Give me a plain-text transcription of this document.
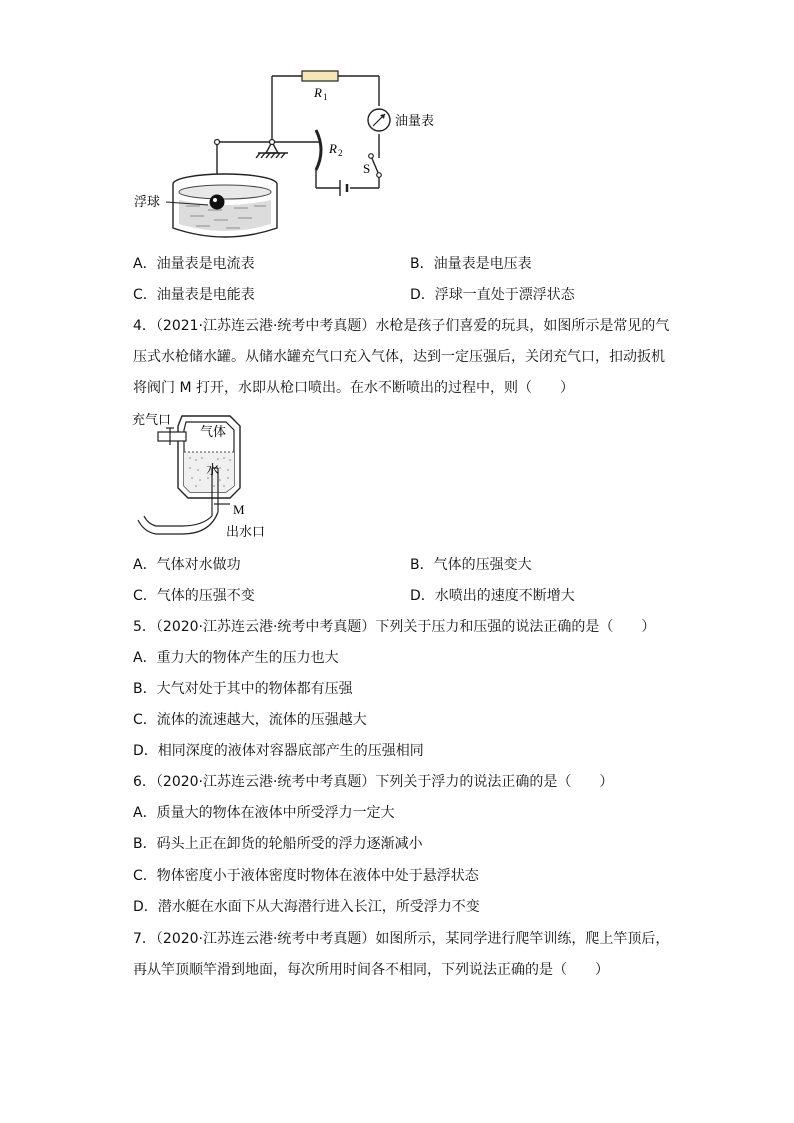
R 1
R 2
油量表
S
浮球
A．油量表是电流表	B．油量表是电压表
C．油量表是电能表	D．浮球一直处于漂浮状态
4．（2021·江苏连云港·统考中考真题）水枪是孩子们喜爱的玩具，如图所示是常见的气
压式水枪储水罐。从储水罐充气口充入气体，达到一定压强后，关闭充气口，扣动扳机
将阀门 M 打开，水即从枪口喷出。在水不断喷出的过程中，则（　　）
充气口
气体
水
M
出水口
A．气体对水做功	B．气体的压强变大
C．气体的压强不变	D．水喷出的速度不断增大
5．（2020·江苏连云港·统考中考真题）下列关于压力和压强的说法正确的是（　　）
A．重力大的物体产生的压力也大
B．大气对处于其中的物体都有压强
C．流体的流速越大，流体的压强越大
D．相同深度的液体对容器底部产生的压强相同
6．（2020·江苏连云港·统考中考真题）下列关于浮力的说法正确的是（　　）
A．质量大的物体在液体中所受浮力一定大
B．码头上正在卸货的轮船所受的浮力逐渐减小
C．物体密度小于液体密度时物体在液体中处于悬浮状态
D．潜水艇在水面下从大海潜行进入长江，所受浮力不变
7．（2020·江苏连云港·统考中考真题）如图所示，某同学进行爬竿训练，爬上竿顶后，
再从竿顶顺竿滑到地面，每次所用时间各不相同，下列说法正确的是（　　）
